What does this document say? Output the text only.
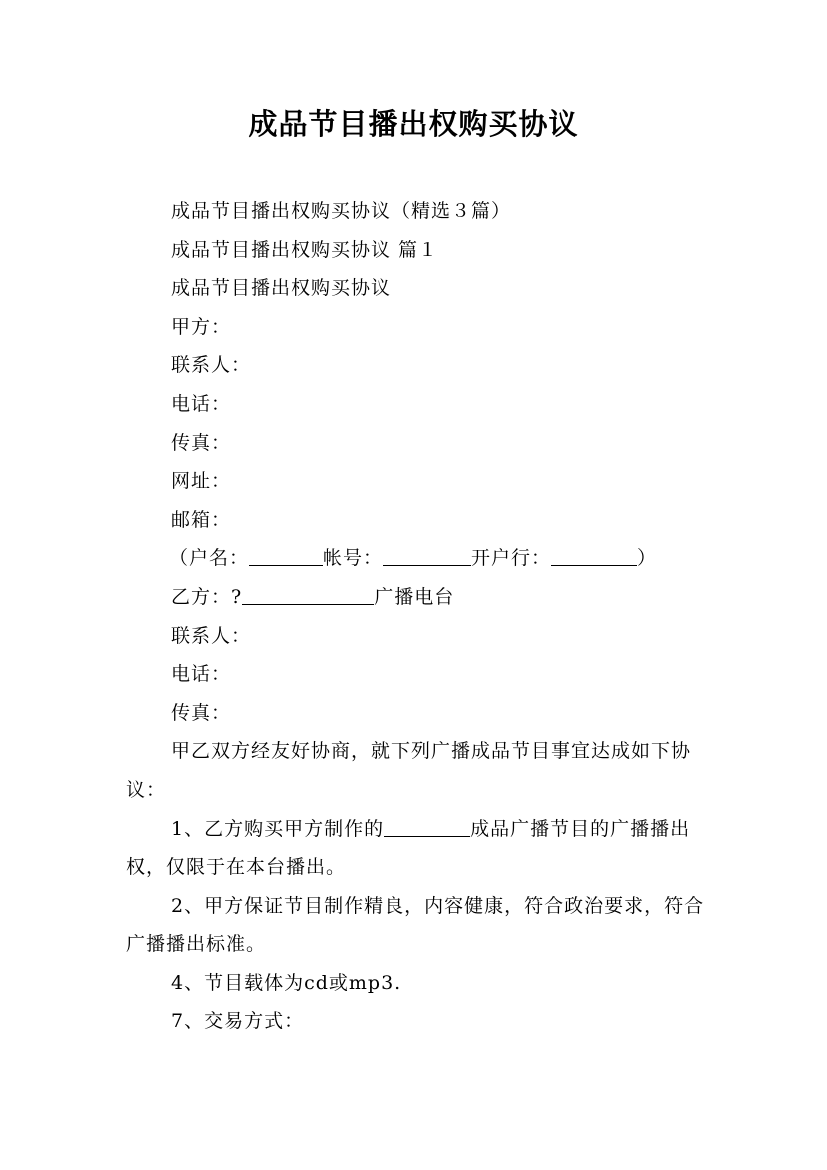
成品节目播出权购买协议
成品节目播出权购买协议（精选３篇）
成品节目播出权购买协议 篇１
成品节目播出权购买协议
甲方：
联系人：
电话：
传真：
网址：
邮箱：
（户名：	帐号：	开户行：	）
乙方：?	广播电台
联系人：
电话：
传真：
甲乙双方经友好协商，就下列广播成品节目事宜达成如下协议：
1、乙方购买甲方制作的	成品广播节目的广播播出权，仅限于在本台播出。
2、甲方保证节目制作精良，内容健康，符合政治要求，符合广播播出标准。
4、节目载体为cd或mp3.
7、交易方式：
